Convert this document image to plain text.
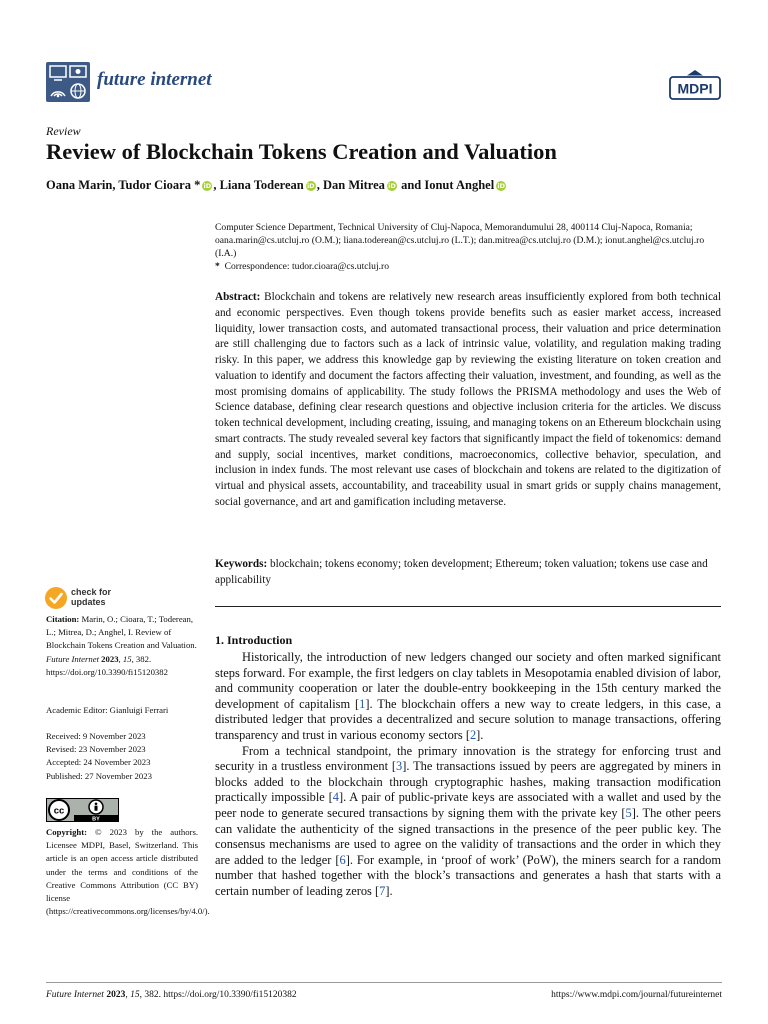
future internet	MDPI
Review
Review of Blockchain Tokens Creation and Valuation
Oana Marin, Tudor Cioara * iD , Liana Toderean iD , Dan Mitrea iD and Ionut Anghel iD
Computer Science Department, Technical University of Cluj-Napoca, Memorandumului 28, 400114 Cluj-Napoca, Romania; oana.marin@cs.utcluj.ro (O.M.); liana.toderean@cs.utcluj.ro (L.T.); dan.mitrea@cs.utcluj.ro (D.M.); ionut.anghel@cs.utcluj.ro (I.A.)
* Correspondence: tudor.cioara@cs.utcluj.ro
Abstract: Blockchain and tokens are relatively new research areas insufficiently explored from both technical and economic perspectives. Even though tokens provide benefits such as easier market access, increased liquidity, lower transaction costs, and automated transactional process, their valuation and price determination are still challenging due to factors such as a lack of intrinsic value, volatility, and regulation making trading risky. In this paper, we address this knowledge gap by reviewing the existing literature on token creation and valuation to identify and document the factors affecting their valuation, investment, and founding, as well as the most promising domains of applicability. The study follows the PRISMA methodology and uses the Web of Science database, defining clear research questions and objective inclusion criteria for the articles. We discuss token technical development, including creating, issuing, and managing tokens on an Ethereum blockchain using smart contracts. The study revealed several key factors that significantly impact the field of tokenomics: demand and supply, social incentives, market conditions, macroeconomics, collective behavior, speculation, and inclusion in index funds. The most relevant use cases of blockchain and tokens are related to the digitization of virtual and physical assets, accountability, and traceability usual in smart grids or supply chains management, social governance, and art and gamification including metaverse.
Keywords: blockchain; tokens economy; token development; Ethereum; token valuation; tokens use case and applicability
check for
updates
Citation: Marin, O.; Cioara, T.; Toderean, L.; Mitrea, D.; Anghel, I. Review of Blockchain Tokens Creation and Valuation. Future Internet 2023, 15, 382. https://doi.org/10.3390/fi15120382
Academic Editor: Gianluigi Ferrari
Received: 9 November 2023
Revised: 23 November 2023
Accepted: 24 November 2023
Published: 27 November 2023
BY
cc
Copyright: © 2023 by the authors. Licensee MDPI, Basel, Switzerland. This article is an open access article distributed under the terms and conditions of the Creative Commons Attribution (CC BY) license (https://creativecommons.org/licenses/by/4.0/).
1. Introduction

Historically, the introduction of new ledgers changed our society and often marked significant steps forward. For example, the first ledgers on clay tablets in Mesopotamia enabled division of labor, and community cooperation or later the double-entry bookkeeping in the 15th century marked the development of capitalism [1]. The blockchain offers a new way to create ledgers, in this case, a distributed ledger that provides a decentralized and secure solution to manage transactions, offering transparency and trust in various economy sectors [2].

From a technical standpoint, the primary innovation is the strategy for enforcing trust and security in a trustless environment [3]. The transactions issued by peers are aggregated by miners in blocks added to the blockchain through cryptographic hashes, making transaction modification practically impossible [4]. A pair of public-private keys are associated with a wallet and used by the peer node to generate secured transactions by signing them with the private key [5]. The other peers can validate the authenticity of the signed transactions in the presence of the peer public key. The consensus mechanisms are used to agree on the validity of transactions and the order in which they are added to the ledger [6]. For example, in ‘proof of work’ (PoW), the miners search for a random number that hashed together with the block’s transactions and generates a hash that starts with a certain number of leading zeros [7].

Future Internet 2023, 15, 382. https://doi.org/10.3390/fi15120382	https://www.mdpi.com/journal/futureinternet
